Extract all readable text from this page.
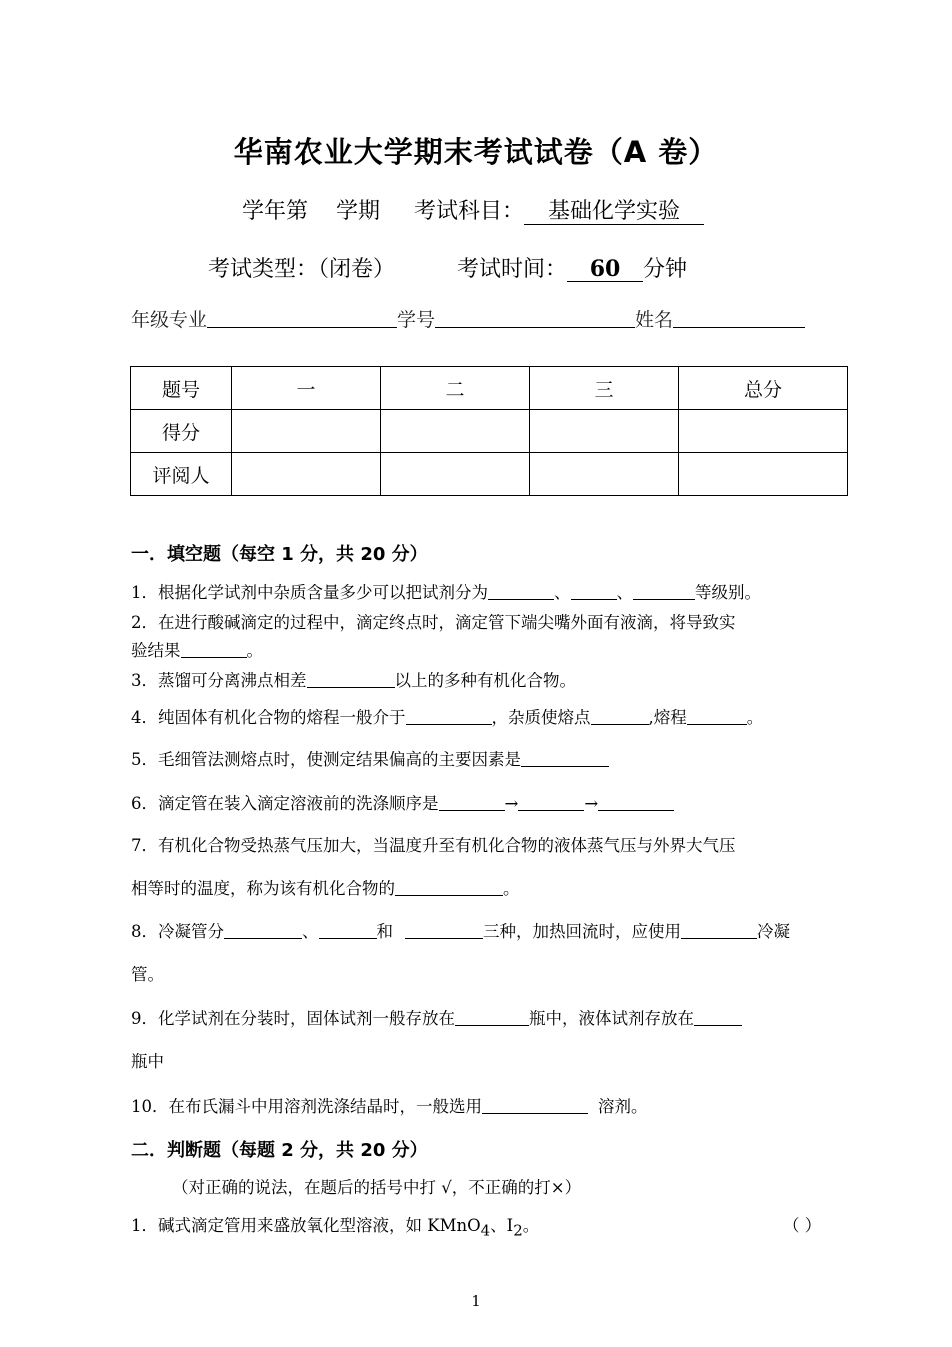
华南农业大学期末考试试卷（A 卷）
学年第 学期 考试科目： 基础化学实验
考试类型：（闭卷）	考试时间： 60 分钟
年级专业	学号	姓名
题号	一	二	三	总分
得分				
评阅人				
一．填空题（每空 1 分，共 20 分）
1．根据化学试剂中杂质含量多少可以把试剂分为	、	、	等级别。
2．在进行酸碱滴定的过程中，滴定终点时，滴定管下端尖嘴外面有液滴，将导致实
验结果	。
3．蒸馏可分离沸点相差	以上的多种有机化合物。
4．纯固体有机化合物的熔程一般介于	，杂质使熔点	,熔程	。
5．毛细管法测熔点时，使测定结果偏高的主要因素是
6．滴定管在装入滴定溶液前的洗涤顺序是	→	→
7．有机化合物受热蒸气压加大，当温度升至有机化合物的液体蒸气压与外界大气压
相等时的温度，称为该有机化合物的	。
8．冷凝管分	、	和	三种，加热回流时，应使用	冷凝
管。
9．化学试剂在分装时，固体试剂一般存放在	瓶中，液体试剂存放在
瓶中
10．在布氏漏斗中用溶剂洗涤结晶时，一般选用	溶剂。
二．判断题（每题 2 分，共 20 分）
（对正确的说法，在题后的括号中打 √，不正确的打×）
1．碱式滴定管用来盛放氧化型溶液，如 KMnO$_4$、$I_2$。	（ ）
1
